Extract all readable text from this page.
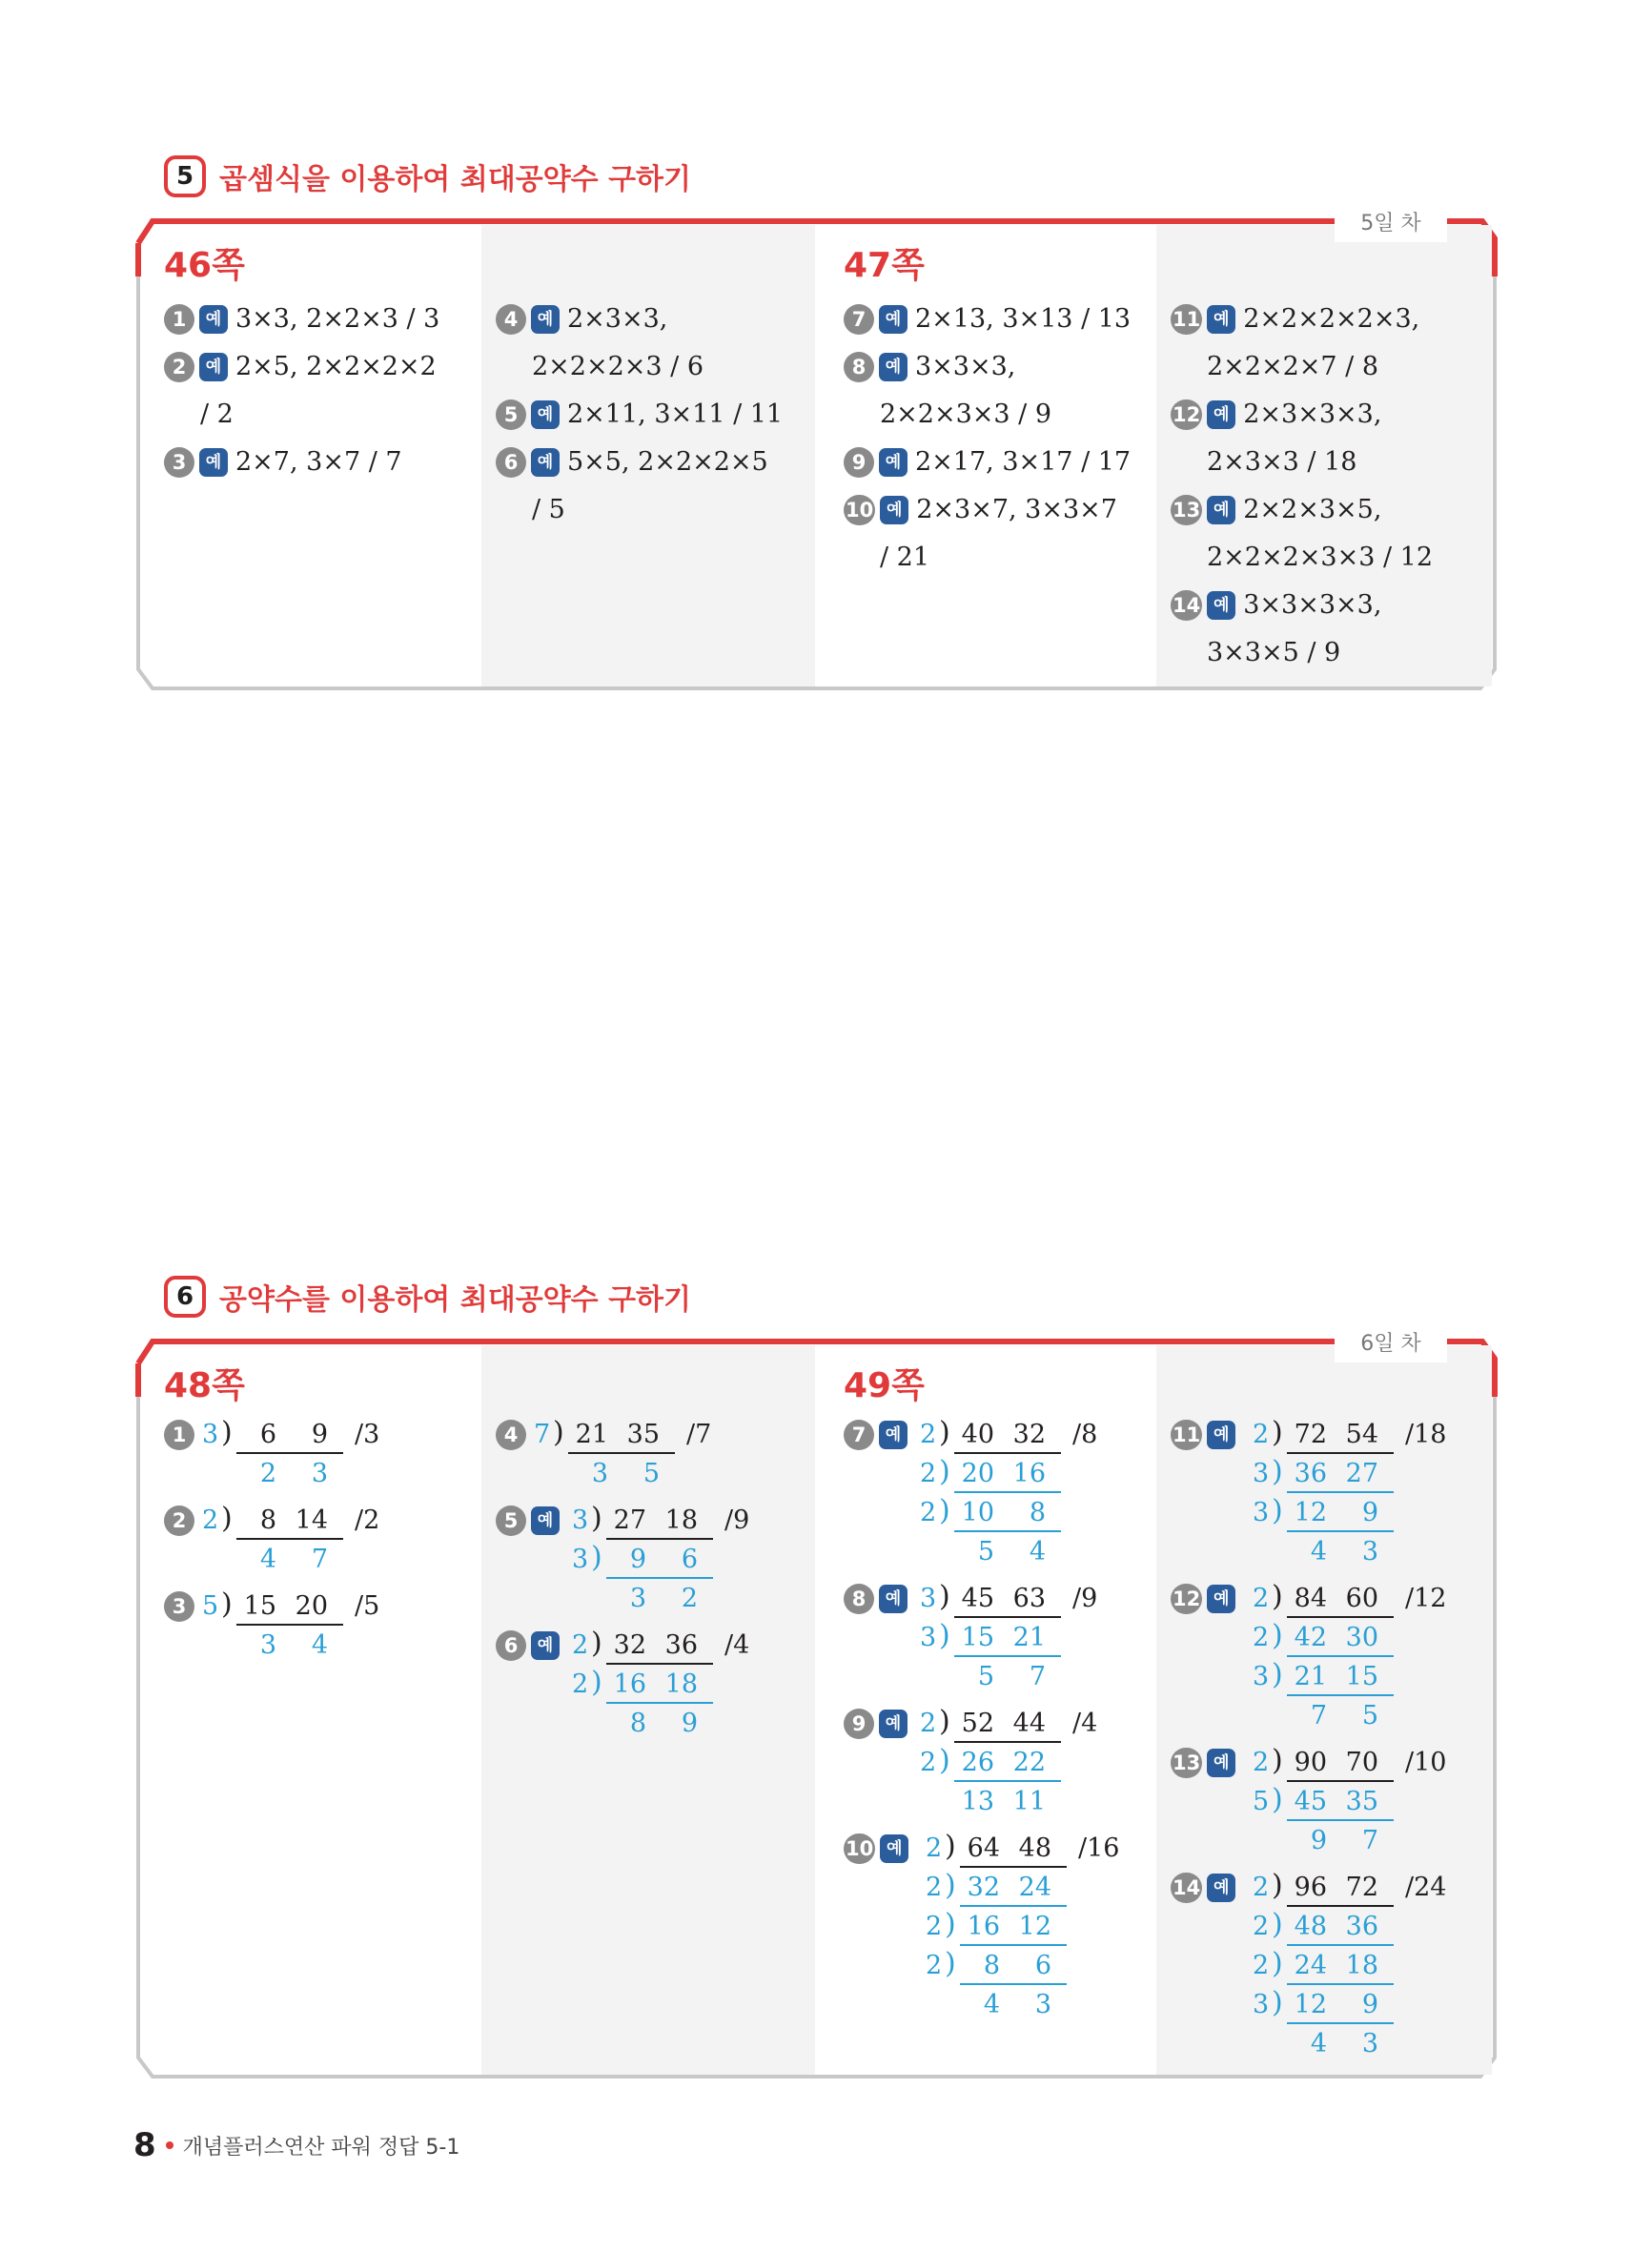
5 곱셈식을 이용하여 최대공약수 구하기
5일 차
46쪽	47쪽
1	예 3×3, 2×2×3 / 3
2	예 2×5, 2×2×2×2
/ 2
3	예 2×7, 3×7 / 7
4	예 2×3×3,
2×2×2×3 / 6
5	예 2×11, 3×11 / 11
6	예 5×5, 2×2×2×5
/ 5
7	예 2×13, 3×13 / 13
8	예 3×3×3,
2×2×3×3 / 9
9	예 2×17, 3×17 / 17
10 예 2×3×7, 3×3×7
/ 21
11 예 2×2×2×2×3,
2×2×2×7 / 8
12 예 2×3×3×3,
2×3×3 / 18
13 예 2×2×3×5,
2×2×2×3×3 / 12
14 예 3×3×3×3,
3×3×5 / 9
6 공약수를 이용하여 최대공약수 구하기
6일 차
48쪽	49쪽
1 3 )	6	9 /3
2	3
2 2 )	8 14 /2
4	7
3 5 ) 15 20 /5
3	4
4 7 ) 21 35 /7
3	5
5	예 3 ) 27 18 /9
3 )	9	6
3	2
6	예 2 ) 32 36 /4
2 ) 16 18
8	9
7	예 2 ) 40 32 /8
2 ) 20 16
2 ) 10	8
5	4
8	예 3 ) 45 63 /9
3 ) 15 21
5	7
9	예 2 ) 52 44 /4
2 ) 26 22
13 11
10 예 2 ) 64 48 /16
2 ) 32 24
2 ) 16 12
2 )	8	6
4	3
11 예 2 ) 72 54 /18
3 ) 36 27
3 ) 12	9
4	3
12 예 2 ) 84 60 /12
2 ) 42 30
3 ) 21 15
7	5
13 예 2 ) 90 70 /10
5 ) 45 35
9	7
14 예 2 ) 96 72 /24
2 ) 48 36
2 ) 24 18
3 ) 12	9
4	3
8 개념플러스연산 파워 정답 5-1
